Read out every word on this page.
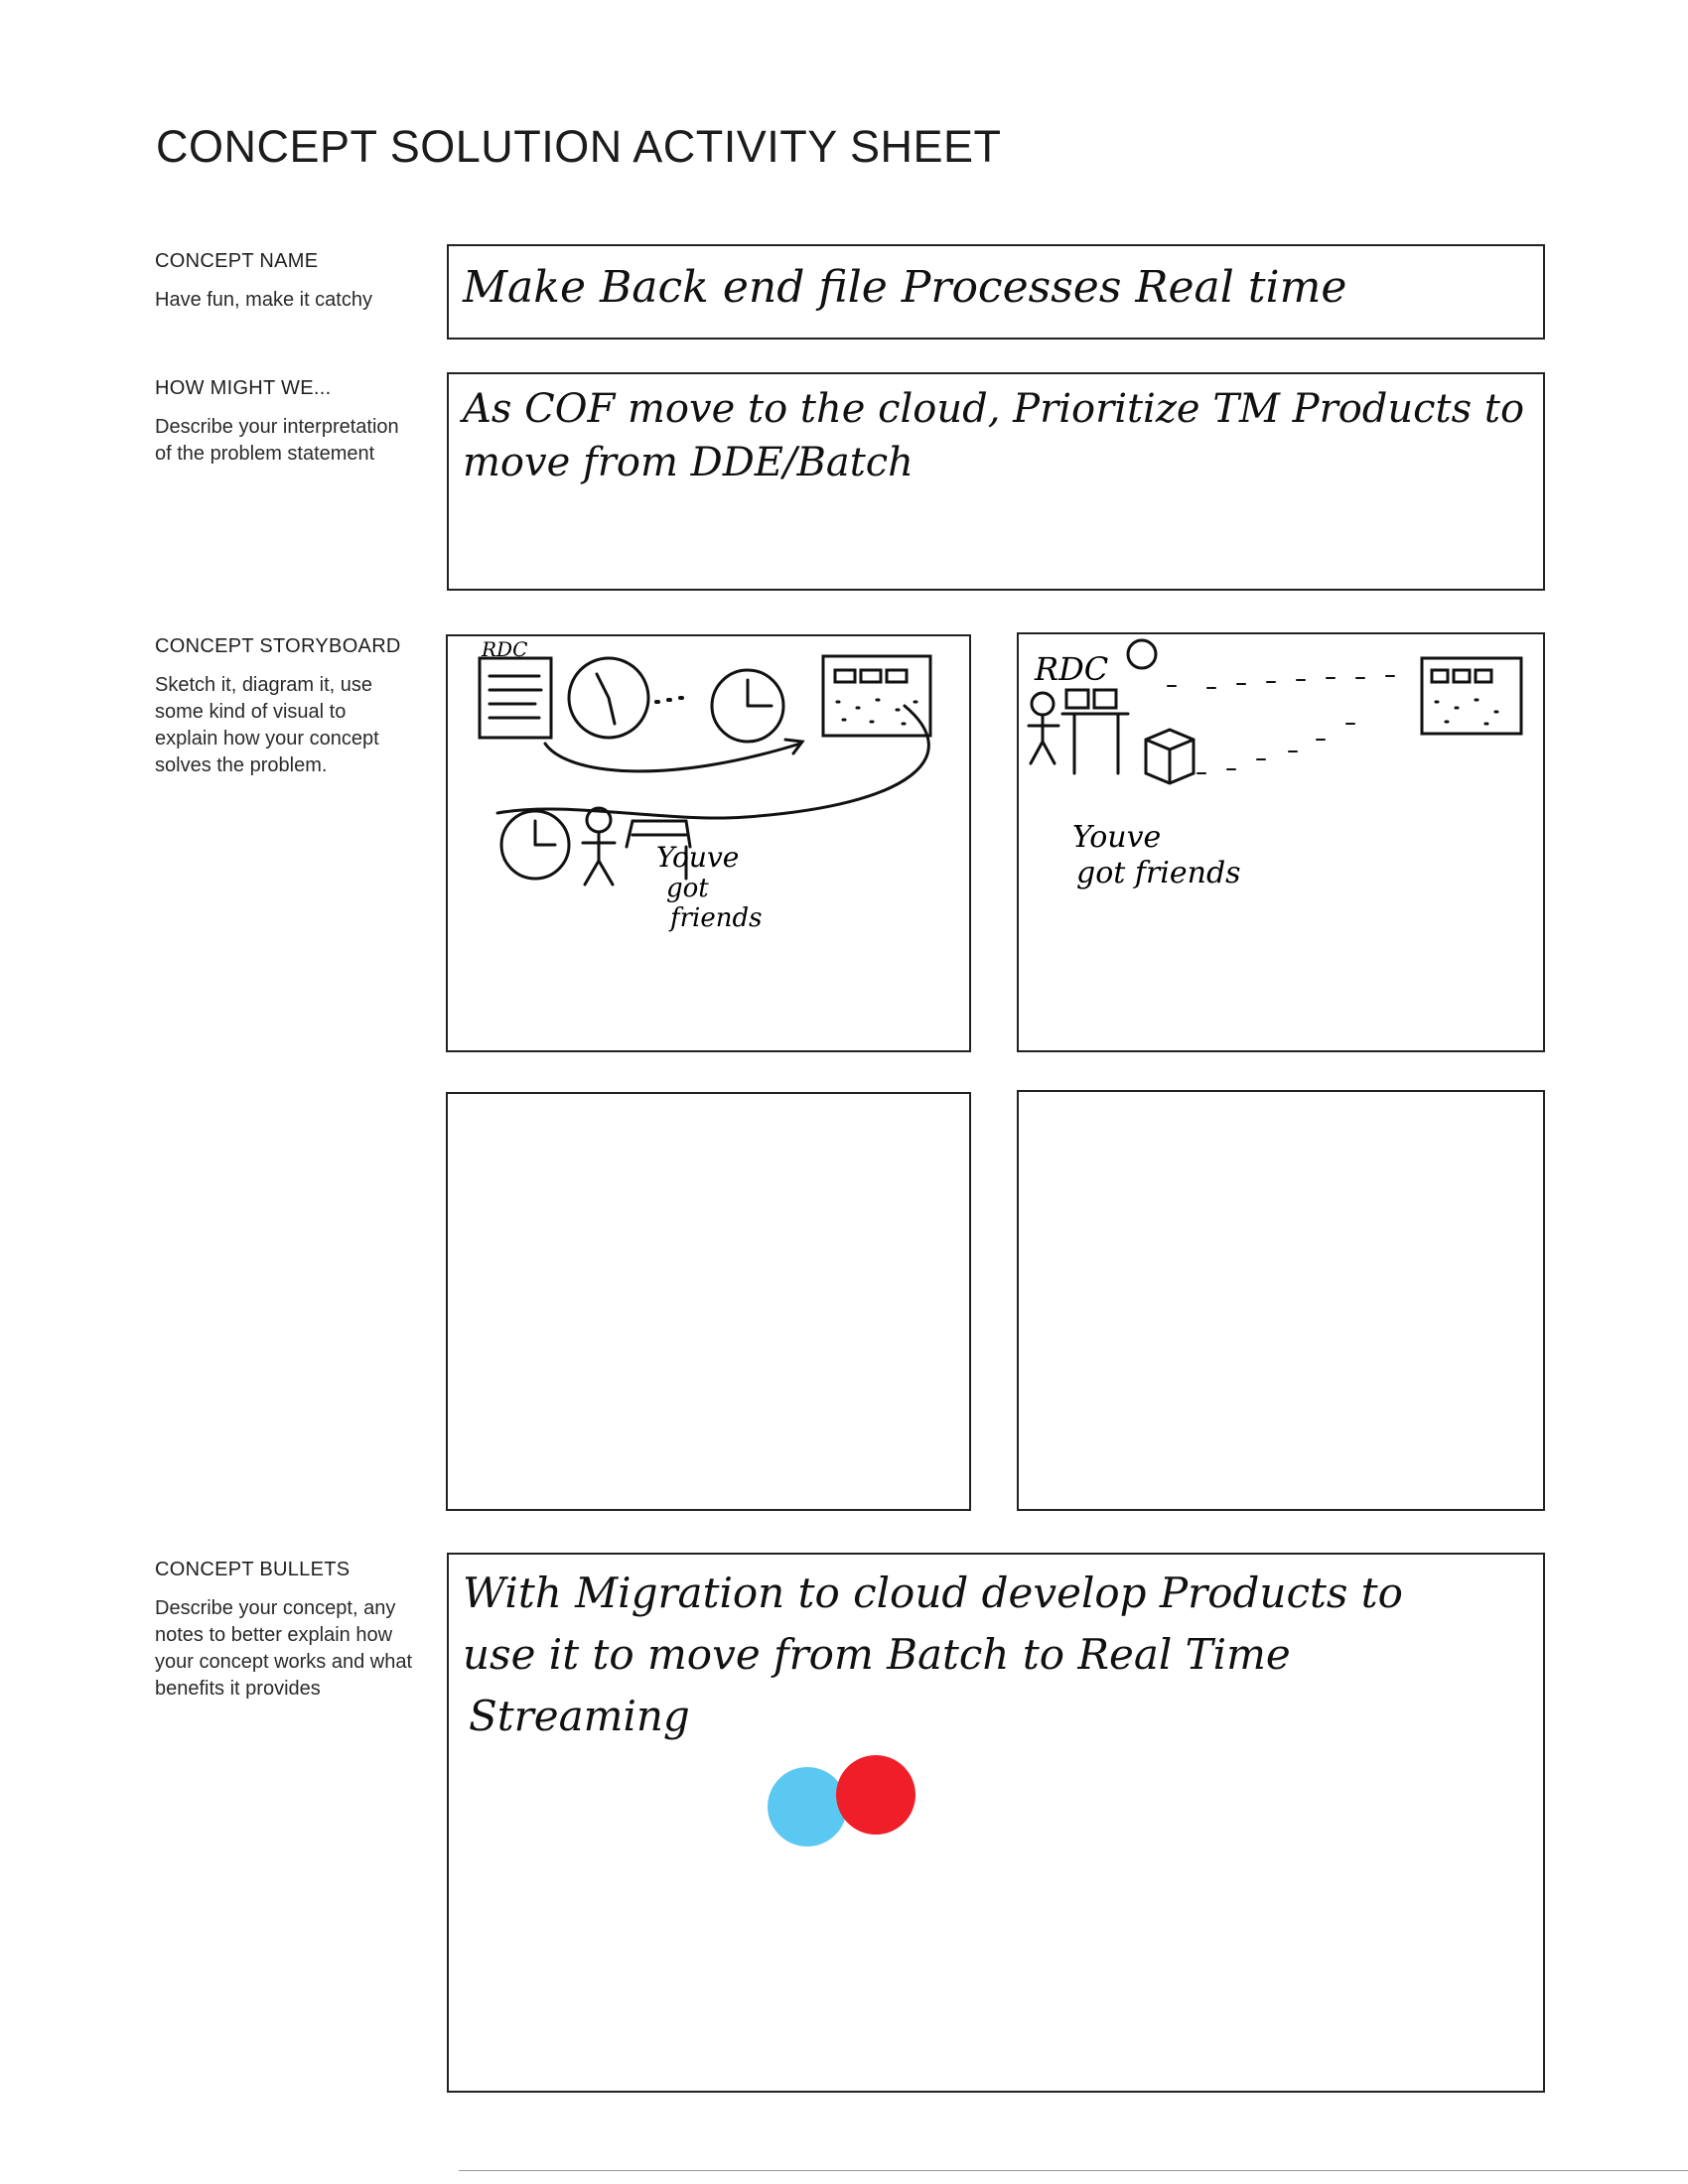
CONCEPT SOLUTION ACTIVITY SHEET
CONCEPT NAME
Have fun, make it catchy	Make Back end file Processes Real time
HOW MIGHT WE...
Describe your interpretation of the problem statement
As COF move to the cloud, Prioritize TM Products to
move from DDE/Batch
CONCEPT STORYBOARD
Sketch it, diagram it, use some kind of visual to explain how your concept solves the problem.
Youve
got
friends
RDC
RDC
Youve
got friends
CONCEPT BULLETS
Describe your concept, any notes to better explain how your concept works and what benefits it provides
With Migration to cloud develop Products to
use it to move from Batch to Real Time
Streaming
